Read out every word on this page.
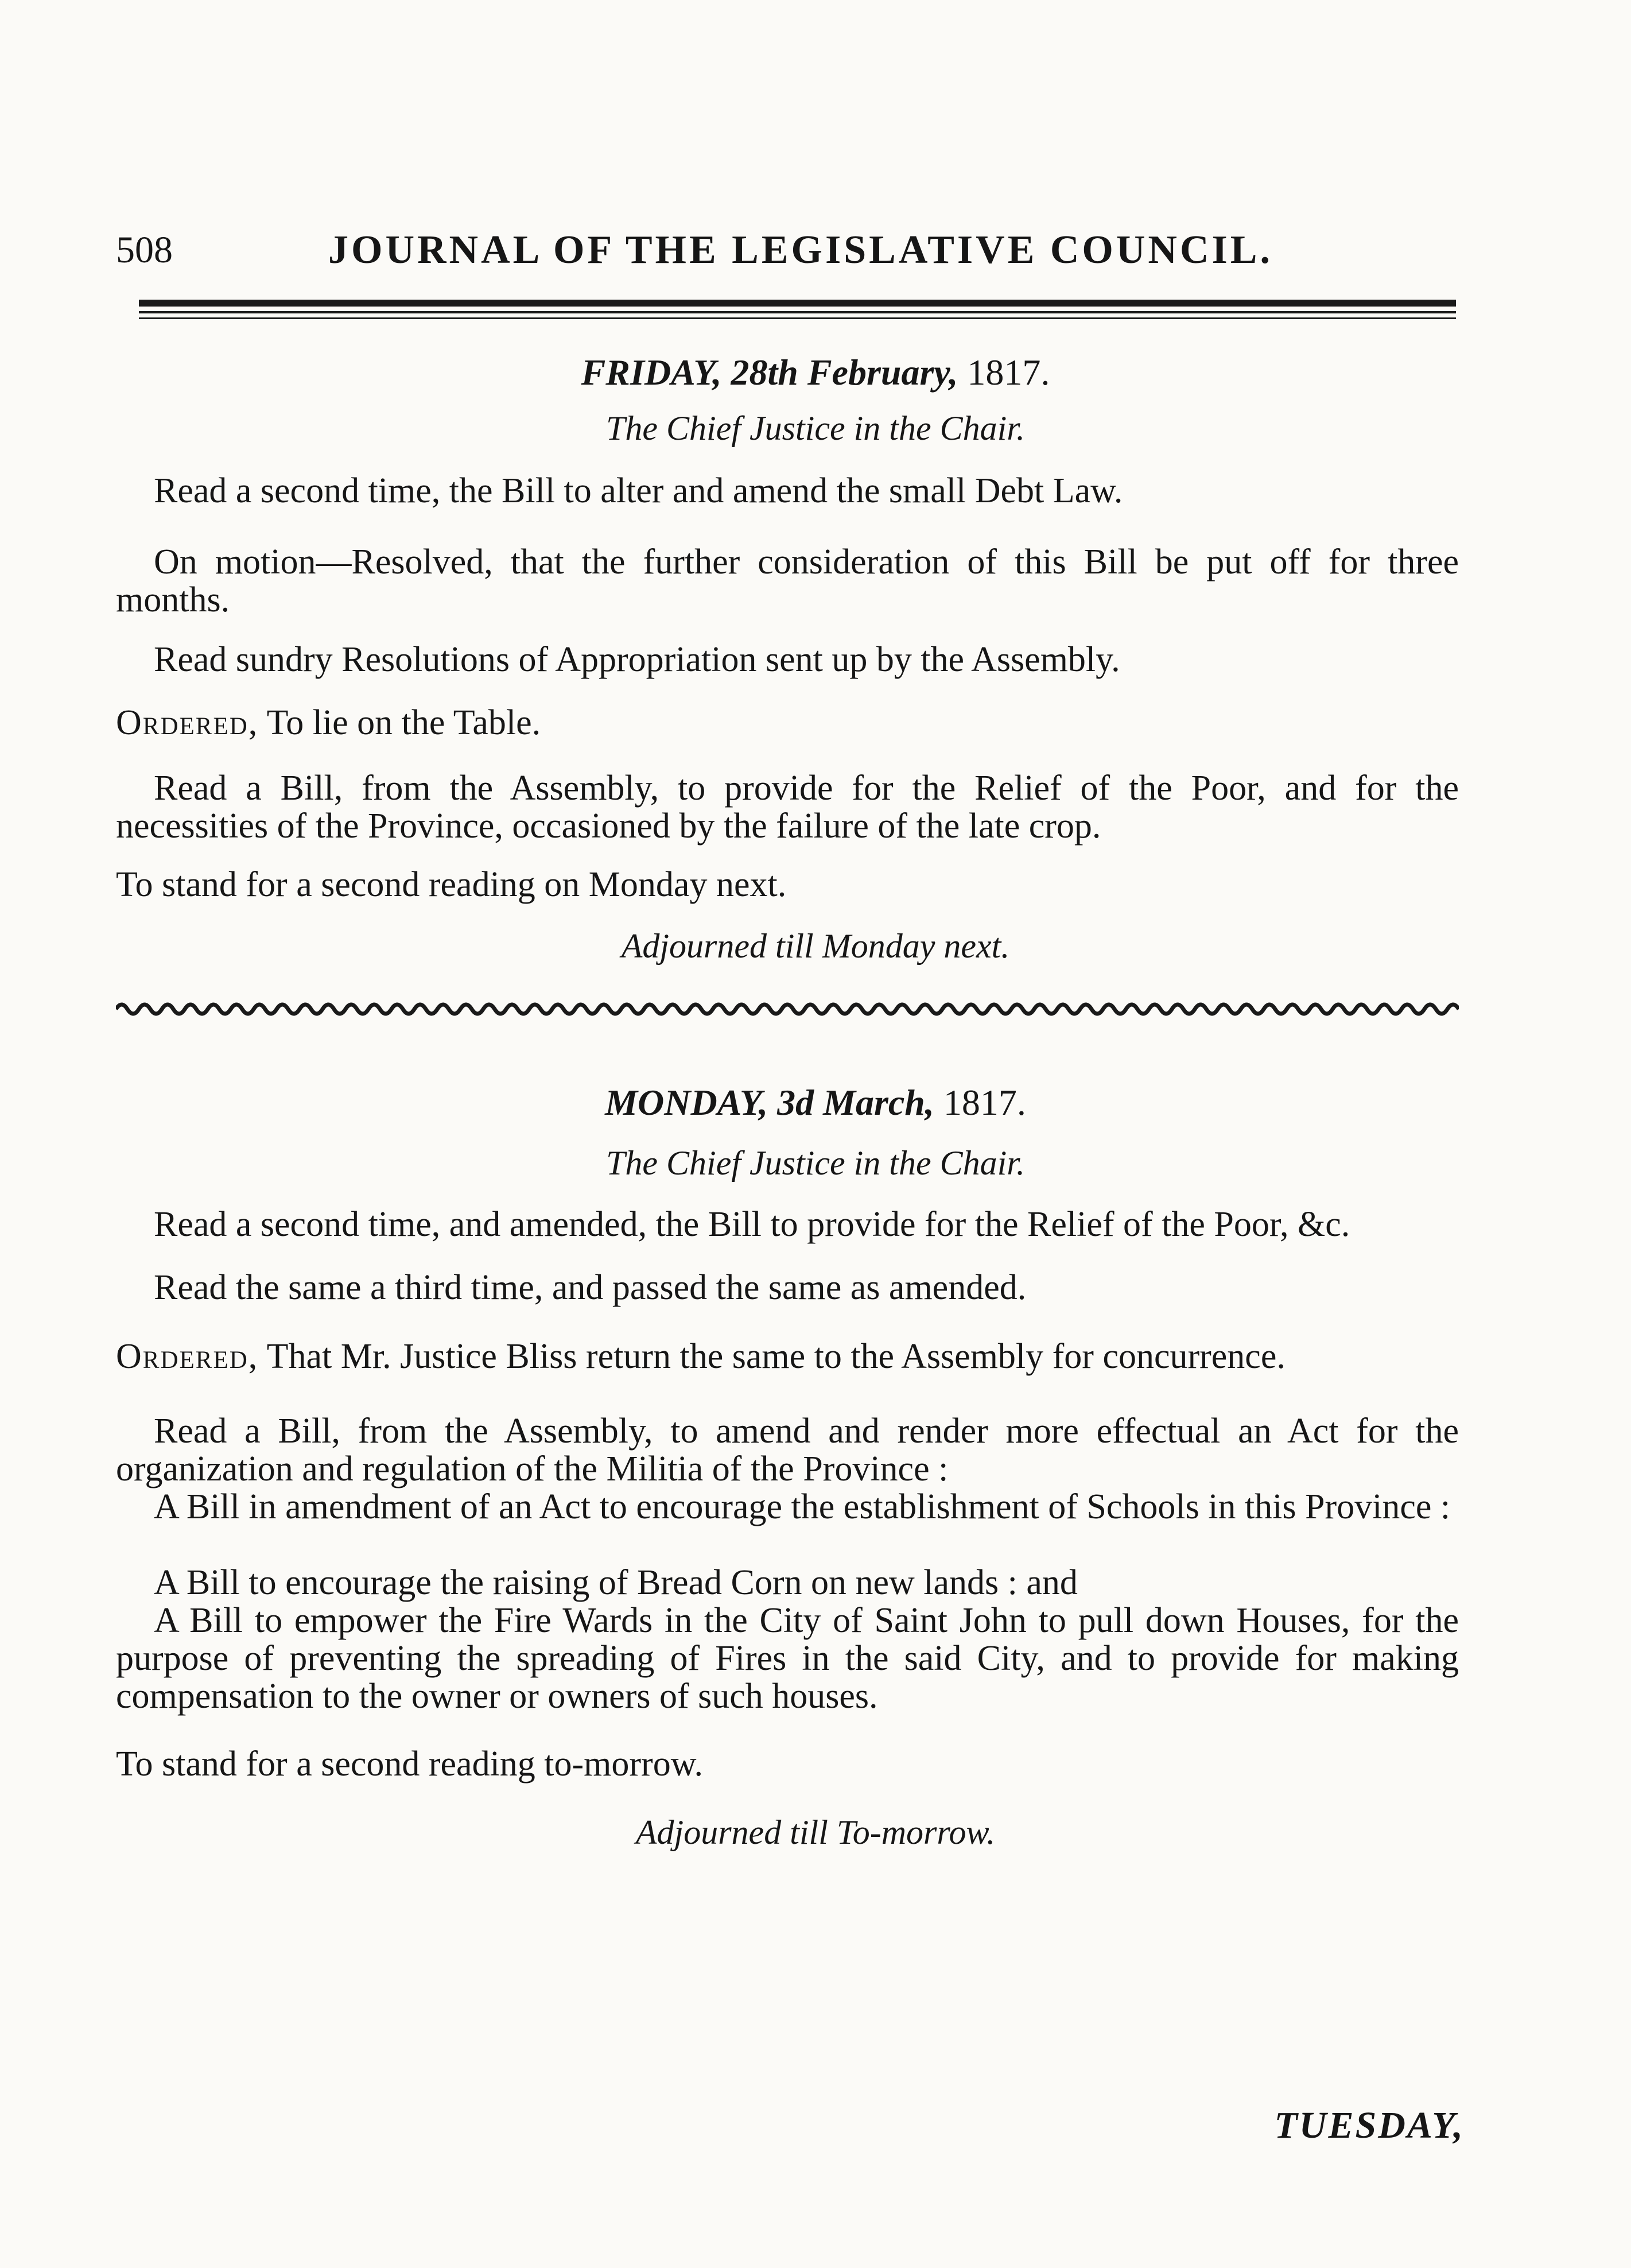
508	JOURNAL OF THE LEGISLATIVE COUNCIL.
FRIDAY, 28th February, 1817.
The Chief Justice in the Chair.
Read a second time, the Bill to alter and amend the small Debt Law.
On motion—Resolved, that the further consideration of this Bill be put off for three months.
Read sundry Resolutions of Appropriation sent up by the Assembly.
Ordered, To lie on the Table.
Read a Bill, from the Assembly, to provide for the Relief of the Poor, and for the necessities of the Province, occasioned by the failure of the late crop.
To stand for a second reading on Monday next.
Adjourned till Monday next.
MONDAY, 3d March, 1817.
The Chief Justice in the Chair.
Read a second time, and amended, the Bill to provide for the Relief of the Poor, &c.
Read the same a third time, and passed the same as amended.
Ordered, That Mr. Justice Bliss return the same to the Assembly for concurrence.
Read a Bill, from the Assembly, to amend and render more effectual an Act for the organization and regulation of the Militia of the Province :
A Bill in amendment of an Act to encourage the establishment of Schools in this Province :
A Bill to encourage the raising of Bread Corn on new lands : and
A Bill to empower the Fire Wards in the City of Saint John to pull down Houses, for the purpose of preventing the spreading of Fires in the said City, and to provide for making compensation to the owner or owners of such houses.
To stand for a second reading to-morrow.
Adjourned till To-morrow.
TUESDAY,
